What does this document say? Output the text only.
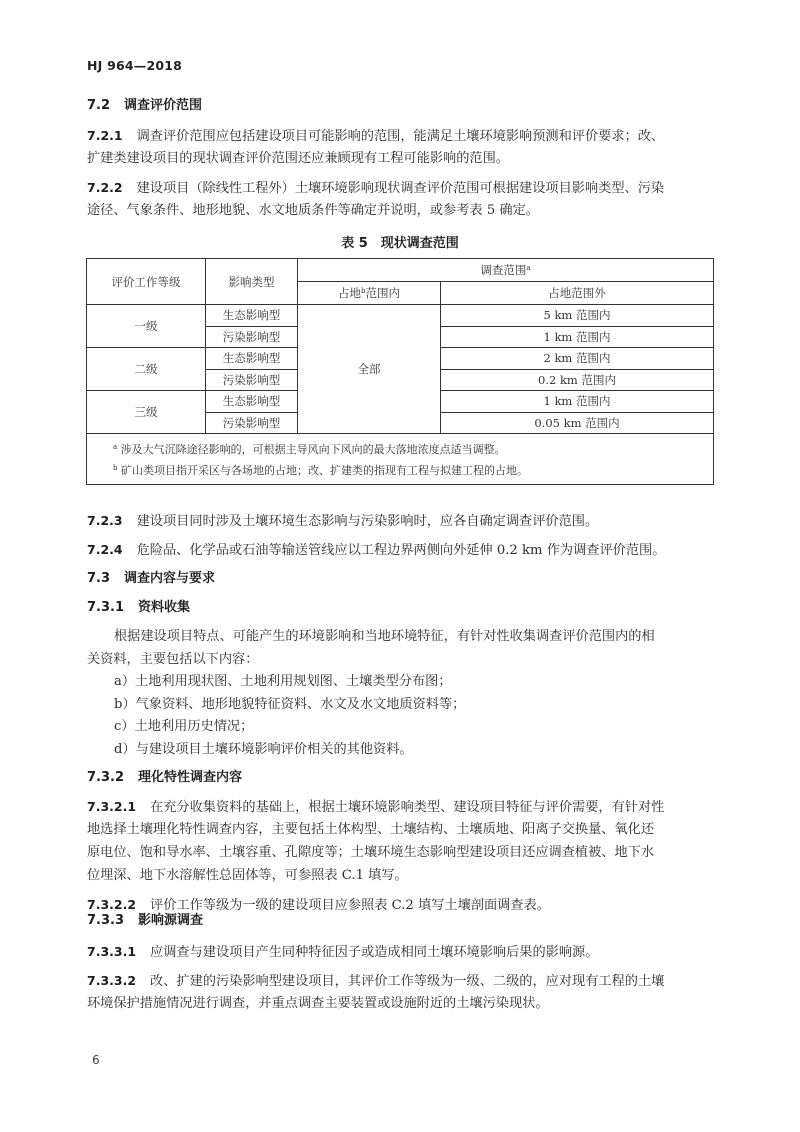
HJ 964—2018
7.2 调查评价范围
7.2.1 调查评价范围应包括建设项目可能影响的范围，能满足土壤环境影响预测和评价要求；改、
扩建类建设项目的现状调查评价范围还应兼顾现有工程可能影响的范围。
7.2.2 建设项目（除线性工程外）土壤环境影响现状调查评价范围可根据建设项目影响类型、污染
途径、气象条件、地形地貌、水文地质条件等确定并说明，或参考表 5 确定。
表 5　现状调查范围
评价工作等级	影响类型	调查范围$^a$
		占地$^b$范围内	占地范围外
一级	生态影响型	全部	5 km 范围内
	污染影响型		1 km 范围内
二级	生态影响型		2 km 范围内
	污染影响型		0.2 km 范围内
三级	生态影响型		1 km 范围内
	污染影响型		0.05 km 范围内

$^a$ 涉及大气沉降途径影响的，可根据主导风向下风向的最大落地浓度点适当调整。
$^b$ 矿山类项目指开采区与各场地的占地；改、扩建类的指现有工程与拟建工程的占地。			
7.2.3 建设项目同时涉及土壤环境生态影响与污染影响时，应各自确定调查评价范围。
7.2.4 危险品、化学品或石油等输送管线应以工程边界两侧向外延伸 0.2 km 作为调查评价范围。
7.3 调查内容与要求
7.3.1 资料收集
根据建设项目特点、可能产生的环境影响和当地环境特征，有针对性收集调查评价范围内的相
关资料，主要包括以下内容：
a）土地利用现状图、土地利用规划图、土壤类型分布图；
b）气象资料、地形地貌特征资料、水文及水文地质资料等；
c）土地利用历史情况；
d）与建设项目土壤环境影响评价相关的其他资料。
7.3.2 理化特性调查内容
7.3.2.1 在充分收集资料的基础上，根据土壤环境影响类型、建设项目特征与评价需要，有针对性
地选择土壤理化特性调查内容，主要包括土体构型、土壤结构、土壤质地、阳离子交换量、氧化还
原电位、饱和导水率、土壤容重、孔隙度等；土壤环境生态影响型建设项目还应调查植被、地下水
位埋深、地下水溶解性总固体等，可参照表 C.1 填写。
7.3.2.2 评价工作等级为一级的建设项目应参照表 C.2 填写土壤剖面调查表。
7.3.3 影响源调查
7.3.3.1 应调查与建设项目产生同种特征因子或造成相同土壤环境影响后果的影响源。
7.3.3.2 改、扩建的污染影响型建设项目，其评价工作等级为一级、二级的，应对现有工程的土壤
环境保护措施情况进行调查，并重点调查主要装置或设施附近的土壤污染现状。
6
